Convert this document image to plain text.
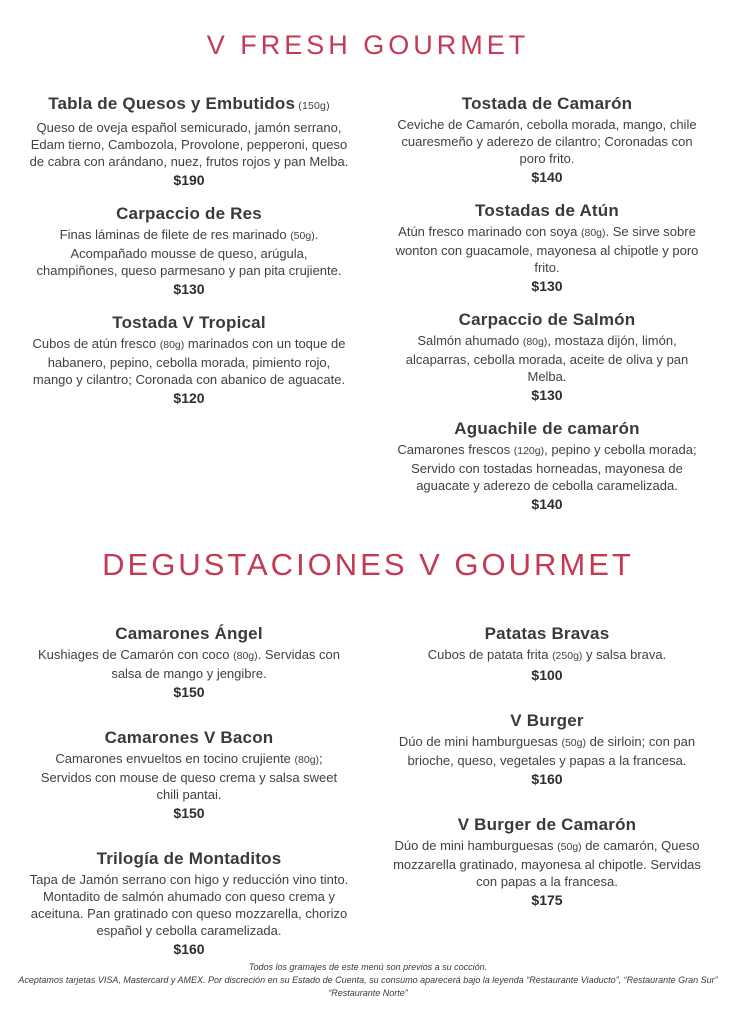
V FRESH GOURMET
Tabla de Quesos y Embutidos (150g)

Queso de oveja español semicurado, jamón serrano, Edam tierno, Cambozola, Provolone, pepperoni, queso de cabra con arándano, nuez, frutos rojos y pan Melba.

$190
Carpaccio de Res

Finas láminas de filete de res marinado (50g). Acompañado mousse de queso, arúgula, champiñones, queso parmesano y pan pita crujiente.

$130
Tostada V Tropical

Cubos de atún fresco (80g) marinados con un toque de habanero, pepino, cebolla morada, pimiento rojo, mango y cilantro; Coronada con abanico de aguacate.

$120
Tostada de Camarón

Ceviche de Camarón, cebolla morada, mango, chile cuaresmeño y aderezo de cilantro; Coronadas con poro frito.

$140
Tostadas de Atún

Atún fresco marinado con soya (80g). Se sirve sobre wonton con guacamole, mayonesa al chipotle y poro frito.

$130
Carpaccio de Salmón

Salmón ahumado (80g), mostaza dijón, limón, alcaparras, cebolla morada, aceite de oliva y pan Melba.

$130
Aguachile de camarón

Camarones frescos (120g), pepino y cebolla morada; Servido con tostadas horneadas, mayonesa de aguacate y aderezo de cebolla caramelizada.

$140
DEGUSTACIONES V GOURMET
Camarones Ángel

Kushiages de Camarón con coco (80g). Servidas con salsa de mango y jengibre.

$150
Camarones V Bacon

Camarones envueltos en tocino crujiente (80g); Servidos con mouse de queso crema y salsa sweet chili pantai.

$150
Trilogía de Montaditos

Tapa de Jamón serrano con higo y reducción vino tinto. Montadito de salmón ahumado con queso crema y aceituna. Pan gratinado con queso mozzarella, chorizo español y cebolla caramelizada.

$160
Patatas Bravas

Cubos de patata frita (250g) y salsa brava.

$100
V Burger

Dúo de mini hamburguesas (50g) de sirloin; con pan brioche, queso, vegetales y papas a la francesa.

$160
V Burger de Camarón

Dúo de mini hamburguesas (50g) de camarón, Queso mozzarella gratinado, mayonesa al chipotle. Servidas con papas a la francesa.

$175
Todos los gramajes de este menú son previos a su cocción.
Aceptamos tarjetas VISA, Mastercard y AMEX. Por discreción en su Estado de Cuenta, su consumo aparecerá bajo la leyenda “Restaurante Viaducto”, “Restaurante Gran Sur” “Restaurante Norte”
